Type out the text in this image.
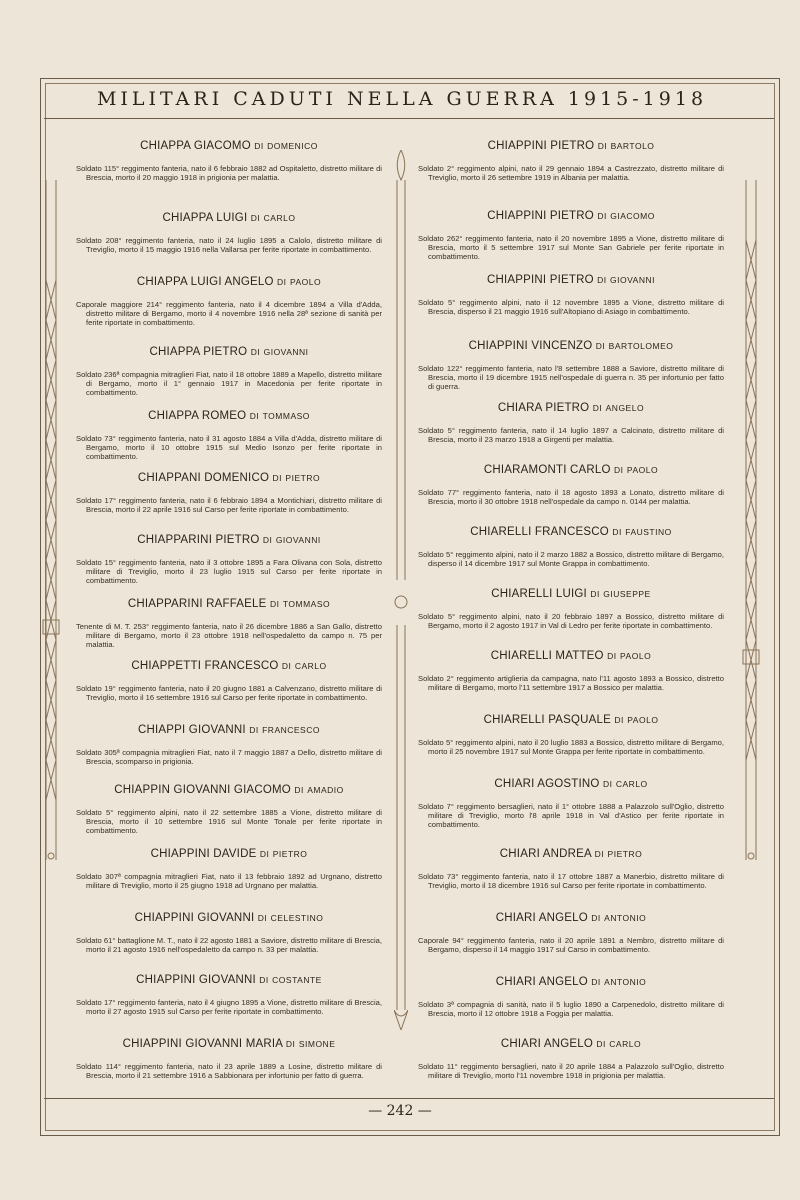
MILITARI CADUTI NELLA GUERRA 1915-1918
CHIAPPA GIACOMO DI DOMENICO
Soldato 115° reggimento fanteria, nato il 6 febbraio 1882 ad Ospitaletto, distretto militare di Brescia, morto il 20 maggio 1918 in prigionia per malattia.
CHIAPPA LUIGI DI CARLO
Soldato 208° reggimento fanteria, nato il 24 luglio 1895 a Calolo, distretto militare di Treviglio, morto il 15 maggio 1916 nella Vallarsa per ferite riportate in combattimento.
CHIAPPA LUIGI ANGELO DI PAOLO
Caporale maggiore 214° reggimento fanteria, nato il 4 dicembre 1894 a Villa d'Adda, distretto militare di Bergamo, morto il 4 novembre 1916 nella 28ª sezione di sanità per ferite riportate in combattimento.
CHIAPPA PIETRO DI GIOVANNI
Soldato 236ª compagnia mitraglieri Fiat, nato il 18 ottobre 1889 a Mapello, distretto militare di Bergamo, morto il 1° gennaio 1917 in Macedonia per ferite riportate in combattimento.
CHIAPPA ROMEO DI TOMMASO
Soldato 73° reggimento fanteria, nato il 31 agosto 1884 a Villa d'Adda, distretto militare di Bergamo, morto il 10 ottobre 1915 sul Medio Isonzo per ferite riportate in combattimento.
CHIAPPANI DOMENICO DI PIETRO
Soldato 17° reggimento fanteria, nato il 6 febbraio 1894 a Montichiari, distretto militare di Brescia, morto il 22 aprile 1916 sul Carso per ferite riportate in combattimento.
CHIAPPARINI PIETRO DI GIOVANNI
Soldato 15° reggimento fanteria, nato il 3 ottobre 1895 a Fara Olivana con Sola, distretto militare di Treviglio, morto il 23 luglio 1915 sul Carso per ferite riportate in combattimento.
CHIAPPARINI RAFFAELE DI TOMMASO
Tenente di M. T. 253° reggimento fanteria, nato il 26 dicembre 1886 a San Gallo, distretto militare di Bergamo, morto il 23 ottobre 1918 nell'ospedaletto da campo n. 75 per malattia.
CHIAPPETTI FRANCESCO DI CARLO
Soldato 19° reggimento fanteria, nato il 20 giugno 1881 a Calvenzano, distretto militare di Treviglio, morto il 16 settembre 1916 sul Carso per ferite riportate in combattimento.
CHIAPPI GIOVANNI DI FRANCESCO
Soldato 305ª compagnia mitraglieri Fiat, nato il 7 maggio 1887 a Dello, distretto militare di Brescia, scomparso in prigionia.
CHIAPPIN GIOVANNI GIACOMO DI AMADIO
Soldato 5° reggimento alpini, nato il 22 settembre 1885 a Vione, distretto militare di Brescia, morto il 10 settembre 1916 sul Monte Tonale per ferite riportate in combattimento.
CHIAPPINI DAVIDE DI PIETRO
Soldato 307ª compagnia mitraglieri Fiat, nato il 13 febbraio 1892 ad Urgnano, distretto militare di Treviglio, morto il 25 giugno 1918 ad Urgnano per malattia.
CHIAPPINI GIOVANNI DI CELESTINO
Soldato 61° battaglione M. T., nato il 22 agosto 1881 a Saviore, distretto militare di Brescia, morto il 21 agosto 1916 nell'ospedaletto da campo n. 33 per malattia.
CHIAPPINI GIOVANNI DI COSTANTE
Soldato 17° reggimento fanteria, nato il 4 giugno 1895 a Vione, distretto militare di Brescia, morto il 27 agosto 1915 sul Carso per ferite riportate in combattimento.
CHIAPPINI GIOVANNI MARIA DI SIMONE
Soldato 114° reggimento fanteria, nato il 23 aprile 1889 a Losine, distretto militare di Brescia, morto il 21 settembre 1916 a Sabbionara per infortunio per fatto di guerra.
CHIAPPINI PIETRO DI BARTOLO
Soldato 2° reggimento alpini, nato il 29 gennaio 1894 a Castrezzato, distretto militare di Treviglio, morto il 26 settembre 1919 in Albania per malattia.
CHIAPPINI PIETRO DI GIACOMO
Soldato 262° reggimento fanteria, nato il 20 novembre 1895 a Vione, distretto militare di Brescia, morto il 5 settembre 1917 sul Monte San Gabriele per ferite riportate in combattimento.
CHIAPPINI PIETRO DI GIOVANNI
Soldato 5° reggimento alpini, nato il 12 novembre 1895 a Vione, distretto militare di Brescia, disperso il 21 maggio 1916 sull'Altopiano di Asiago in combattimento.
CHIAPPINI VINCENZO DI BARTOLOMEO
Soldato 122° reggimento fanteria, nato l'8 settembre 1888 a Saviore, distretto militare di Brescia, morto il 19 dicembre 1915 nell'ospedale di guerra n. 35 per infortunio per fatto di guerra.
CHIARA PIETRO DI ANGELO
Soldato 5° reggimento fanteria, nato il 14 luglio 1897 a Calcinato, distretto militare di Brescia, morto il 23 marzo 1918 a Girgenti per malattia.
CHIARAMONTI CARLO DI PAOLO
Soldato 77° reggimento fanteria, nato il 18 agosto 1893 a Lonato, distretto militare di Brescia, morto il 30 ottobre 1918 nell'ospedale da campo n. 0144 per malattia.
CHIARELLI FRANCESCO DI FAUSTINO
Soldato 5° reggimento alpini, nato il 2 marzo 1882 a Bossico, distretto militare di Bergamo, disperso il 14 dicembre 1917 sul Monte Grappa in combattimento.
CHIARELLI LUIGI DI GIUSEPPE
Soldato 5° reggimento alpini, nato il 20 febbraio 1897 a Bossico, distretto militare di Bergamo, morto il 2 agosto 1917 in Val di Ledro per ferite riportate in combattimento.
CHIARELLI MATTEO DI PAOLO
Soldato 2° reggimento artiglieria da campagna, nato l'11 agosto 1893 a Bossico, distretto militare di Bergamo, morto l'11 settembre 1917 a Bossico per malattia.
CHIARELLI PASQUALE DI PAOLO
Soldato 5° reggimento alpini, nato il 20 luglio 1883 a Bossico, distretto militare di Bergamo, morto il 25 novembre 1917 sul Monte Grappa per ferite riportate in combattimento.
CHIARI AGOSTINO DI CARLO
Soldato 7° reggimento bersaglieri, nato il 1° ottobre 1888 a Palazzolo sull'Oglio, distretto militare di Treviglio, morto l'8 aprile 1918 in Val d'Astico per ferite riportate in combattimento.
CHIARI ANDREA DI PIETRO
Soldato 73° reggimento fanteria, nato il 17 ottobre 1887 a Manerbio, distretto militare di Treviglio, morto il 18 dicembre 1916 sul Carso per ferite riportate in combattimento.
CHIARI ANGELO DI ANTONIO
Caporale 94° reggimento fanteria, nato il 20 aprile 1891 a Nembro, distretto militare di Bergamo, disperso il 14 maggio 1917 sul Carso in combattimento.
CHIARI ANGELO DI ANTONIO
Soldato 3ª compagnia di sanità, nato il 5 luglio 1890 a Carpenedolo, distretto militare di Brescia, morto il 12 ottobre 1918 a Foggia per malattia.
CHIARI ANGELO DI CARLO
Soldato 11° reggimento bersaglieri, nato il 20 aprile 1884 a Palazzolo sull'Oglio, distretto militare di Treviglio, morto l'11 novembre 1918 in prigionia per malattia.
— 242 —
